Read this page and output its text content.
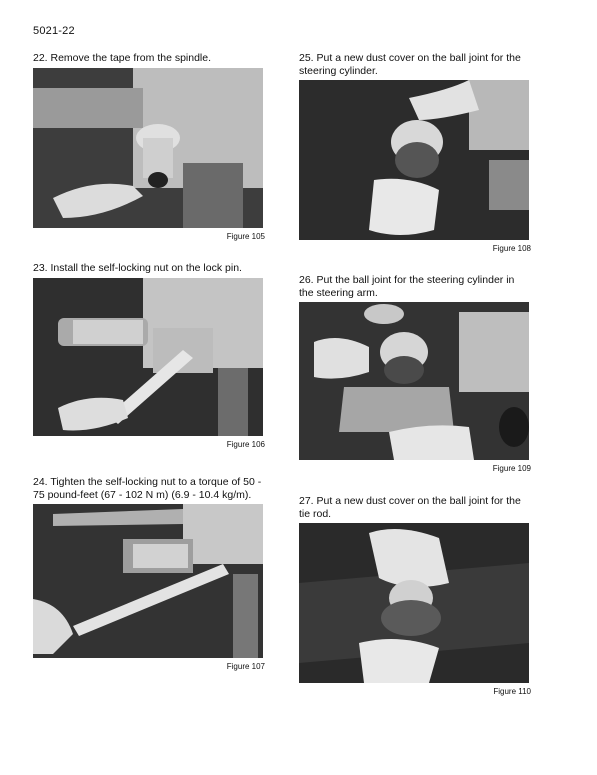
5021-22

22. Remove the tape from the spindle.

Figure 105

23. Install the self-locking nut on the lock pin.

Figure 106

24. Tighten the self-locking nut to a torque of 50 - 75 pound-feet (67 - 102 N m) (6.9 - 10.4 kg/m).

Figure 107

25. Put a new dust cover on the ball joint for the steering cylinder.

Figure 108

26. Put the ball joint for the steering cylinder in the steering arm.

Figure 109

27. Put a new dust cover on the ball joint for the tie rod.

Figure 110
